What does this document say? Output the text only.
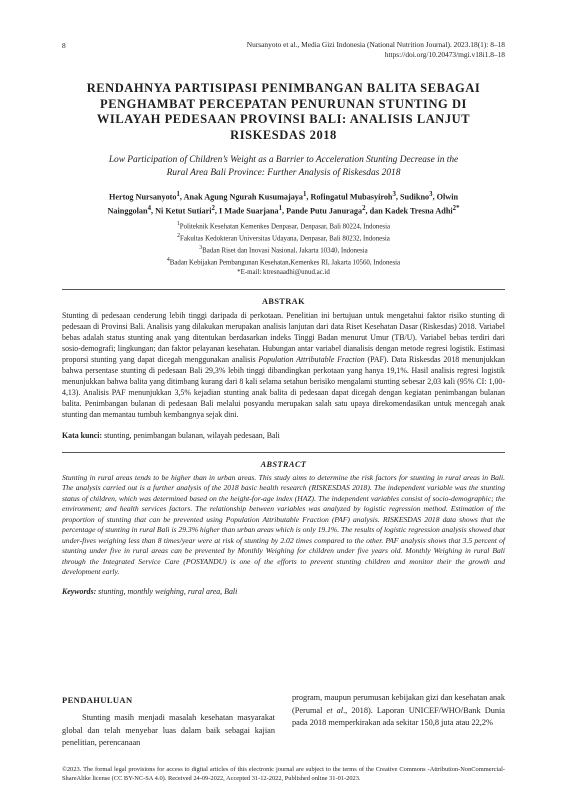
8	Nursanyoto et al., Media Gizi Indonesia (National Nutrition Journal). 2023.18(1): 8–18
https://doi.org/10.20473/mgi.v18i1.8–18
RENDAHNYA PARTISIPASI PENIMBANGAN BALITA SEBAGAI
PENGHAMBAT PERCEPATAN PENURUNAN STUNTING DI
WILAYAH PEDESAAN PROVINSI BALI: ANALISIS LANJUT
RISKESDAS 2018
Low Participation of Children’s Weight as a Barrier to Acceleration Stunting Decrease in the
Rural Area Bali Province: Further Analysis of Riskesdas 2018
Hertog Nursanyoto$^1$, Anak Agung Ngurah Kusumajaya$^1$, Rofingatul Mubasyiroh$^3$, Sudikno$^3$, Olwin
Nainggolan$^4$, Ni Ketut Sutiari$^2$, I Made Suarjana$^1$, Pande Putu Januraga$^2$, dan Kadek Tresna Adhi$^{2*}$
$^1$Politeknik Kesehatan Kemenkes Denpasar, Denpasar, Bali 80224, Indonesia
$^2$Fakultas Kedokteran Universitas Udayana, Denpasar, Bali 80232, Indonesia
$^3$Badan Riset dan Inovasi Nasional, Jakarta 10340, Indonesia
$^4$Badan Kebijakan Pembangunan Kesehatan,Kemenkes RI, Jakarta 10560, Indonesia
*E-mail: ktresnaadhi@unud.ac.id
ABSTRAK

Stunting di pedesaan cenderung lebih tinggi daripada di perkotaan. Penelitian ini bertujuan untuk mengetahui faktor risiko stunting di pedesaan di Provinsi Bali. Analisis yang dilakukan merupakan analisis lanjutan dari data Riset Kesehatan Dasar (Riskesdas) 2018. Variabel bebas adalah status stunting anak yang ditentukan berdasarkan indeks Tinggi Badan menurut Umur (TB/U). Variabel bebas terdiri dari sosio-demografi; lingkungan; dan faktor pelayanan kesehatan. Hubungan antar variabel dianalisis dengan metode regresi logistik. Estimasi proporsi stunting yang dapat dicegah menggunakan analisis Population Attributable Fraction (PAF). Data Riskesdas 2018 menunjukkan bahwa persentase stunting di pedesaan Bali 29,3% lebih tinggi dibandingkan perkotaan yang hanya 19,1%. Hasil analisis regresi logistik menunjukkan bahwa balita yang ditimbang kurang dari 8 kali selama setahun berisiko mengalami stunting sebesar 2,03 kali (95% CI: 1,00-4,13). Analisis PAF menunjukkan 3,5% kejadian stunting anak balita di pedesaan dapat dicegah dengan kegiatan penimbangan bulanan balita. Penimbangan bulanan di pedesaan Bali melalui posyandu merupakan salah satu upaya direkomendasikan untuk mencegah anak stunting dan memantau tumbuh kembangnya sejak dini.

Kata kunci: stunting, penimbangan bulanan, wilayah pedesaan, Bali
ABSTRACT

Stunting in rural areas tends to be higher than in urban areas. This study aims to determine the risk factors for stunting in rural areas in Bali. The analysis carried out is a further analysis of the 2018 basic health research (RISKESDAS 2018). The independent variable was the stunting status of children, which was determined based on the height-for-age index (HAZ). The independent variables consist of socio-demographic; the environment; and health services factors. The relationship between variables was analyzed by logistic regression method. Estimation of the proportion of stunting that can be prevented using Population Attributable Fraction (PAF) analysis. RISKESDAS 2018 data shows that the percentage of stunting in rural Bali is 29.3% higher than urban areas which is only 19.1%. The results of logistic regression analysis showed that under-fives weighing less than 8 times/year were at risk of stunting by 2.02 times compared to the other. PAF analysis shows that 3.5 percent of stunting under five in rural areas can be prevented by Monthly Weighing for children under five years old. Monthly Weighing in rural Bali through the Integrated Service Care (POSYANDU) is one of the efforts to prevent stunting children and monitor their the growth and development early.

Keywords: stunting, monthly weighing, rural area, Bali
PENDAHULUAN

Stunting masih menjadi masalah kesehatan masyarakat global dan telah menyebar luas dalam baik sebagai kajian penelitian, perencanaan

program, maupun perumusan kebijakan gizi dan kesehatan anak (Perumal et al., 2018). Laporan UNICEF/WHO/Bank Dunia pada 2018 memperkirakan ada sekitar 150,8 juta atau 22,2%

©2023. The formal legal provisions for access to digital articles of this electronic journal are subject to the terms of the Creative Commons -Attribution-NonCommercial-ShareAlike license (CC BY-NC-SA 4.0). Received 24-09-2022, Accepted 31-12-2022, Published online 31-01-2023.
